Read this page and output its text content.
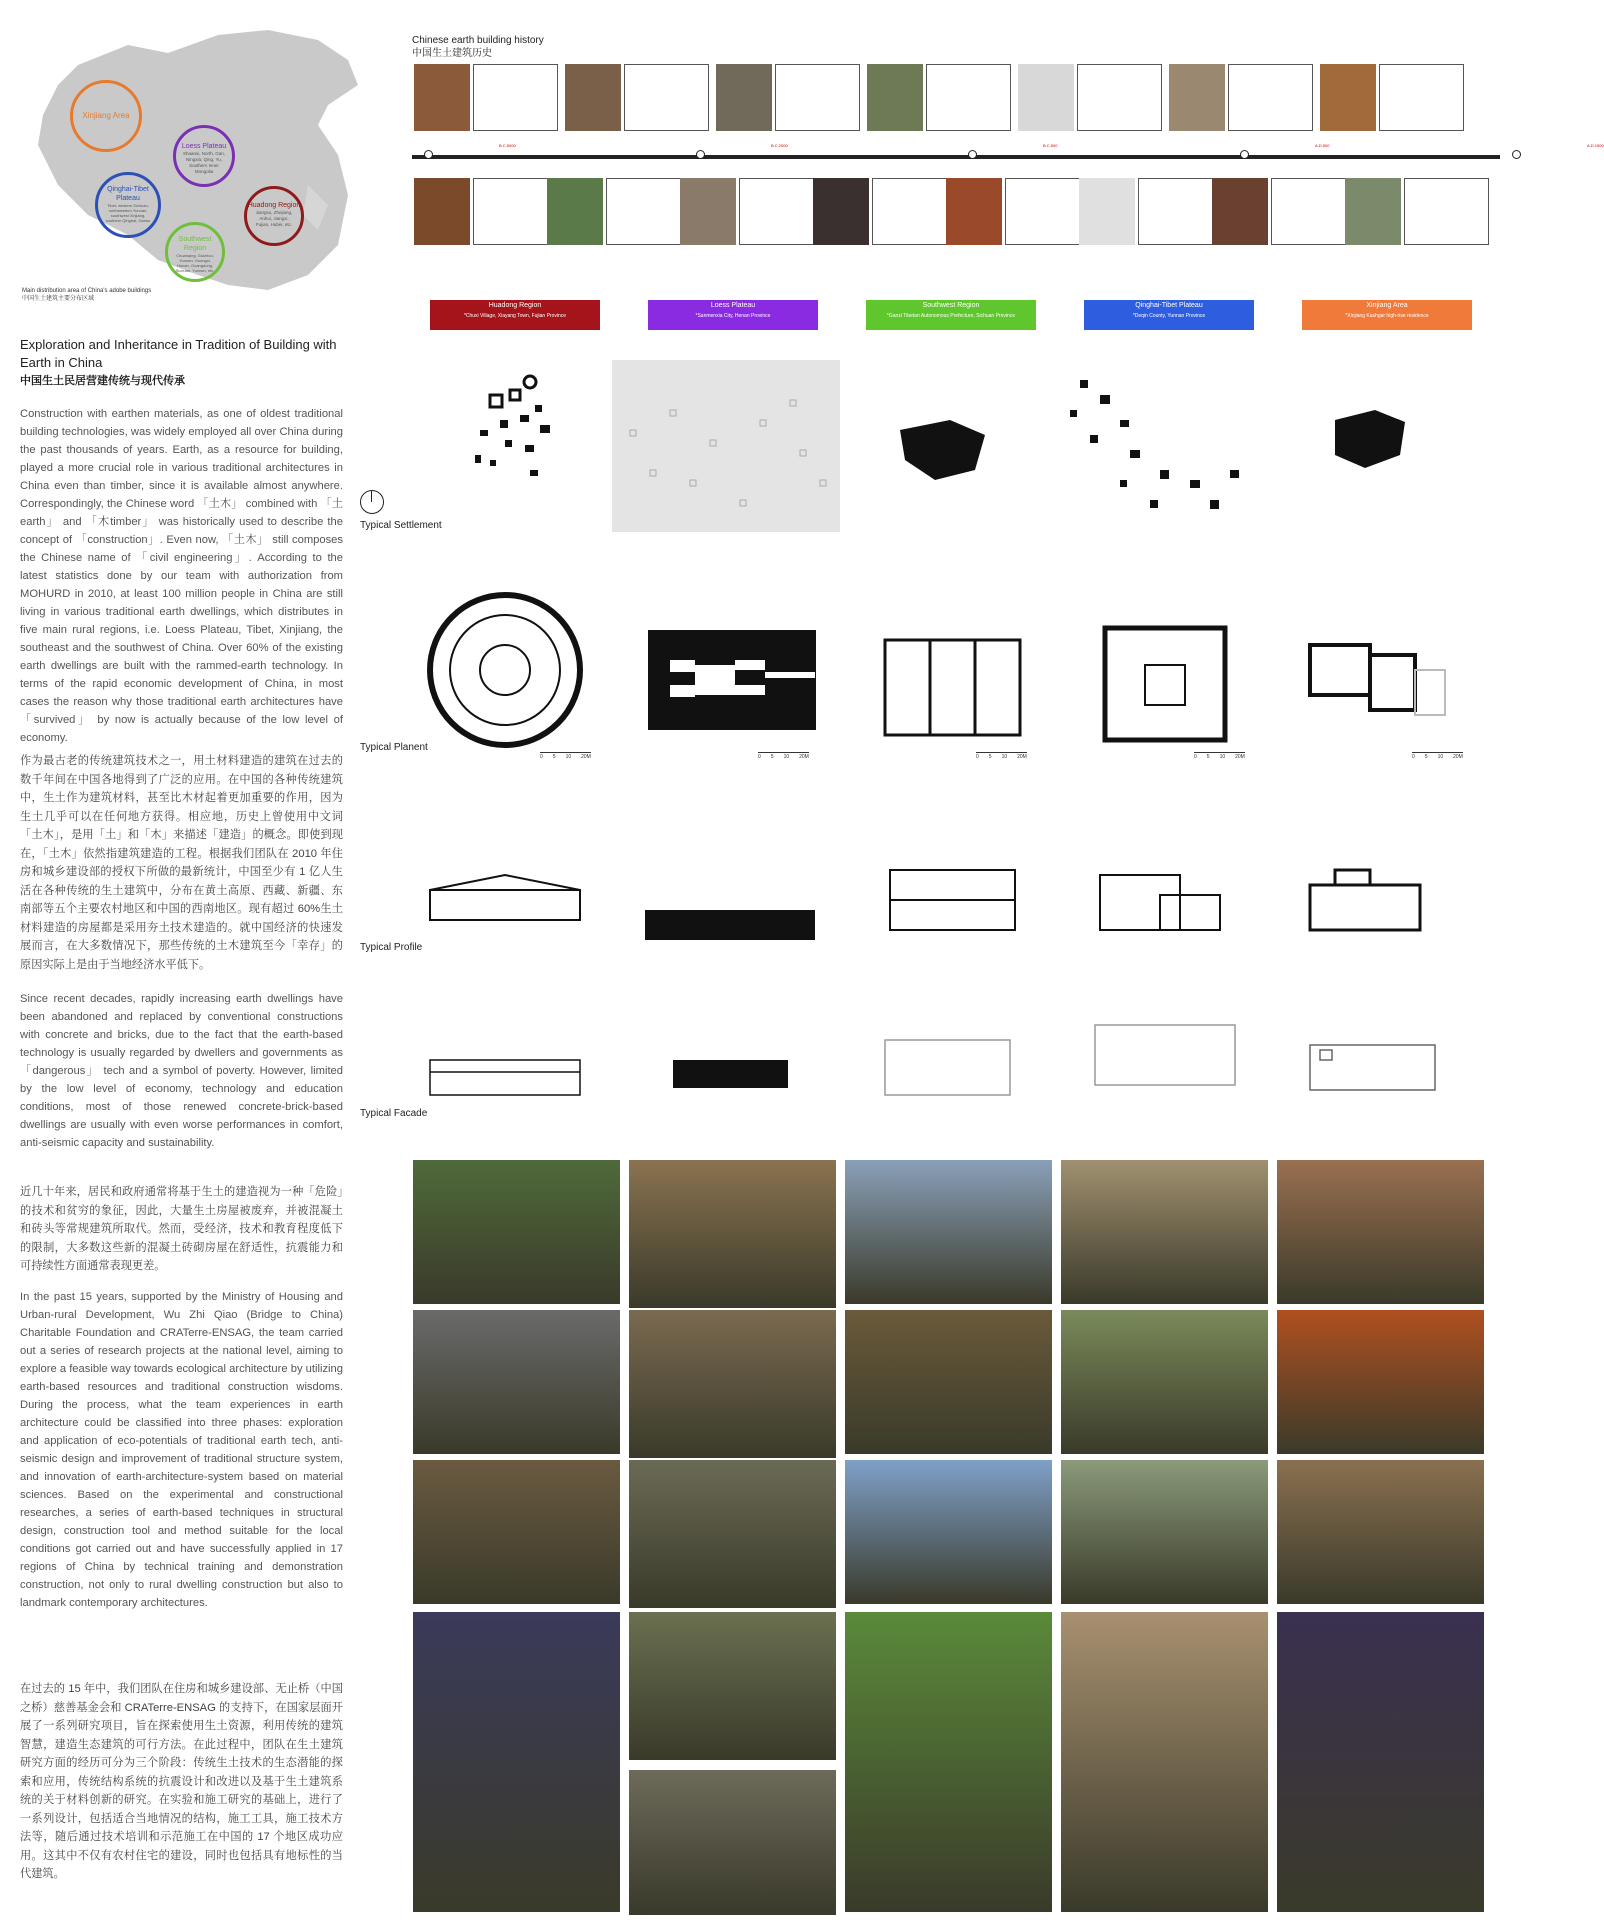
Xinjiang Area
Loess Plateau
Shaanxi, North, Gan, Ningxia, Qing, Yu, Southern Inner Mongolia
Qinghai-Tibet Plateau
Tibet, western Sichuan, northwestern Yunnan, southwest Xinjiang, southern Qinghai, Gansu
Huadong Region
Jiangsu, Zhejiang, Anhui, Jiangxi, Fujian, Hubei, etc.
Southwest Region
Chuanqing, Guizhou, Yunnan, Guangxi, Hunan, Guangdong, Sichuan, Yunnan, etc.
Main distribution area of China's adobe buildings
中国生土建筑主要分布区域
Exploration and Inheritance in Tradition of Building with Earth in China
中国生土民居营建传统与现代传承
Construction with earthen materials, as one of oldest traditional building technologies, was widely employed all over China during the past thousands of years. Earth, as a resource for building, played a more crucial role in various traditional architectures in China even than timber, since it is available almost anywhere. Correspondingly, the Chinese word 「土木」 combined with 「土earth」 and 「木timber」 was historically used to describe the concept of 「construction」. Even now, 「土木」 still composes the Chinese name of 「civil engineering」. According to the latest statistics done by our team with authorization from MOHURD in 2010, at least 100 million people in China are still living in various traditional earth dwellings, which distributes in five main rural regions, i.e. Loess Plateau, Tibet, Xinjiang, the southeast and the southwest of China. Over 60% of the existing earth dwellings are built with the rammed-earth technology. In terms of the rapid economic development of China, in most cases the reason why those traditional earth architectures have 「survived」 by now is actually because of the low level of economy.
作为最古老的传统建筑技术之一，用土材料建造的建筑在过去的数千年间在中国各地得到了广泛的应用。在中国的各种传统建筑中，生土作为建筑材料，甚至比木材起着更加重要的作用，因为生土几乎可以在任何地方获得。相应地，历史上曾使用中文词「土木」，是用「土」和「木」来描述「建造」的概念。即使到现在，「土木」依然指建筑建造的工程。根据我们团队在 2010 年住房和城乡建设部的授权下所做的最新统计，中国至少有 1 亿人生活在各种传统的生土建筑中，分布在黄土高原、西藏、新疆、东南部等五个主要农村地区和中国的西南地区。现有超过 60%生土材料建造的房屋都是采用夯土技术建造的。就中国经济的快速发展而言，在大多数情况下，那些传统的土木建筑至今「幸存」的原因实际上是由于当地经济水平低下。
Since recent decades, rapidly increasing earth dwellings have been abandoned and replaced by conventional constructions with concrete and bricks, due to the fact that the earth-based technology is usually regarded by dwellers and governments as 「dangerous」 tech and a symbol of poverty. However, limited by the low level of economy, technology and education conditions, most of those renewed concrete-brick-based dwellings are usually with even worse performances in comfort, anti-seismic capacity and sustainability.
近几十年来，居民和政府通常将基于生土的建造视为一种「危险」的技术和贫穷的象征，因此，大量生土房屋被废弃，并被混凝土和砖头等常规建筑所取代。然而，受经济，技术和教育程度低下的限制，大多数这些新的混凝土砖砌房屋在舒适性，抗震能力和可持续性方面通常表现更差。
In the past 15 years, supported by the Ministry of Housing and Urban-rural Development, Wu Zhi Qiao (Bridge to China) Charitable Foundation and CRATerre-ENSAG, the team carried out a series of research projects at the national level, aiming to explore a feasible way towards ecological architecture by utilizing earth-based resources and traditional construction wisdoms. During the process, what the team experiences in earth architecture could be classified into three phases: exploration and application of eco-potentials of traditional earth tech, anti-seismic design and improvement of traditional structure system, and innovation of earth-architecture-system based on material sciences. Based on the experimental and constructional researches, a series of earth-based techniques in structural design, construction tool and method suitable for the local conditions got carried out and have successfully applied in 17 regions of China by technical training and demonstration construction, not only to rural dwelling construction but also to landmark contemporary architectures.
在过去的 15 年中，我们团队在住房和城乡建设部、无止桥（中国之桥）慈善基金会和 CRATerre-ENSAG 的支持下，在国家层面开展了一系列研究项目，旨在探索使用生土资源，利用传统的建筑智慧，建造生态建筑的可行方法。在此过程中，团队在生土建筑研究方面的经历可分为三个阶段：传统生土技术的生态潜能的探索和应用，传统结构系统的抗震设计和改进以及基于生土建筑系统的关于材料创新的研究。在实验和施工研究的基础上，进行了一系列设计，包括适合当地情况的结构，施工工具，施工技术方法等，随后通过技术培训和示范施工在中国的 17 个地区成功应用。这其中不仅有农村住宅的建设，同时也包括具有地标性的当代建筑。
Chinese earth building history
中国生土建筑历史
B.C.5000	B.C.2000	B.C.500	A.D.500	A.D.1500
Huadong Region
*Chuxi Village, Xiayang Town, Fujian Province
Loess Plateau
*Sanmenxia City, Henan Province
Southwest Region
*Ganzi Tibetan Autonomous Prefecture, Sichuan Province
Qinghai-Tibet Plateau
*Deqin County, Yunnan Province
Xinjiang Area
*Xinjiang Kashgar high-rise residence
Typical Settlement
Typical Planent
Typical Profile
Typical Facade
0 5 10 20M	0 5 10 20M	0 5 10 20M	0 5 10 20M	0 5 10 20M
